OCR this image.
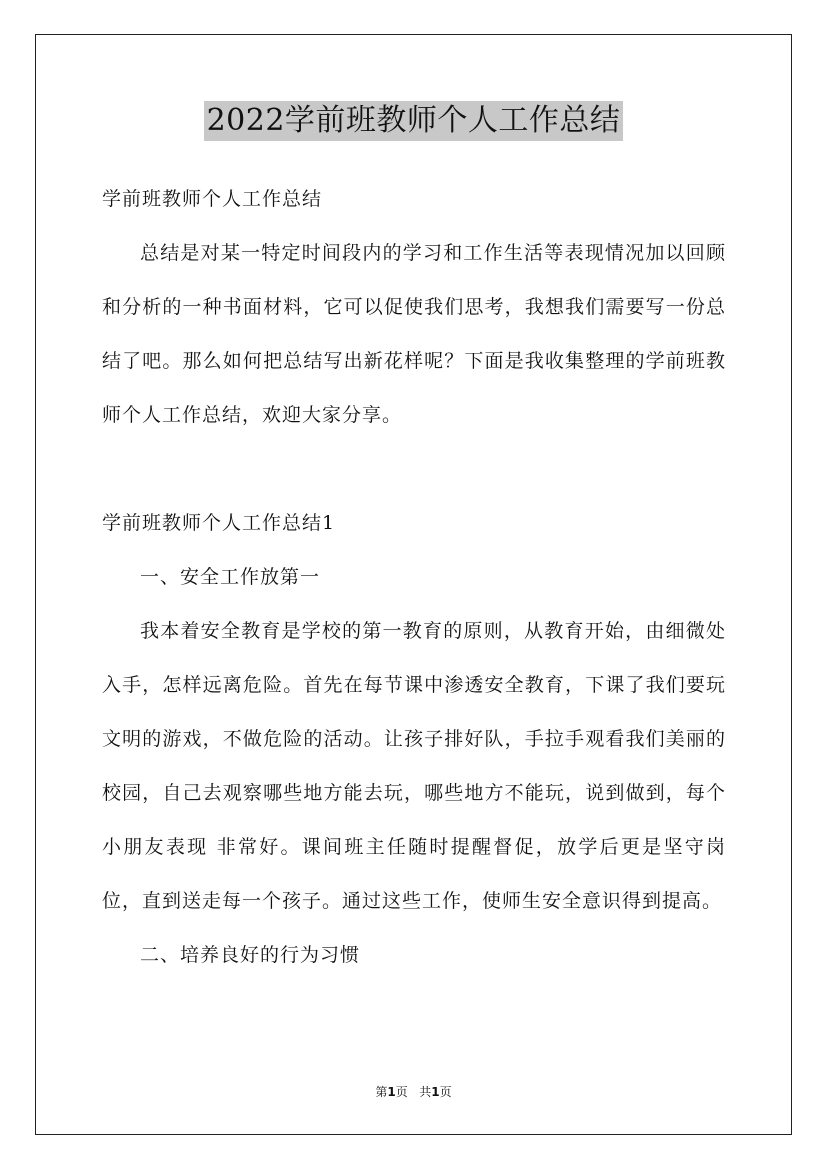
2022学前班教师个人工作总结

学前班教师个人工作总结

总结是对某一特定时间段内的学习和工作生活等表现情况加以回顾和分析的一种书面材料，它可以促使我们思考，我想我们需要写一份总结了吧。那么如何把总结写出新花样呢？下面是我收集整理的学前班教师个人工作总结，欢迎大家分享。

学前班教师个人工作总结1

一、安全工作放第一

我本着安全教育是学校的第一教育的原则，从教育开始，由细微处入手，怎样远离危险。首先在每节课中渗透安全教育，下课了我们要玩文明的游戏，不做危险的活动。让孩子排好队，手拉手观看我们美丽的校园，自己去观察哪些地方能去玩，哪些地方不能玩，说到做到，每个小朋友表现 非常好。课间班主任随时提醒督促，放学后更是坚守岗位，直到送走每一个孩子。通过这些工作，使师生安全意识得到提高。

二、培养良好的行为习惯

第1页 共1页
